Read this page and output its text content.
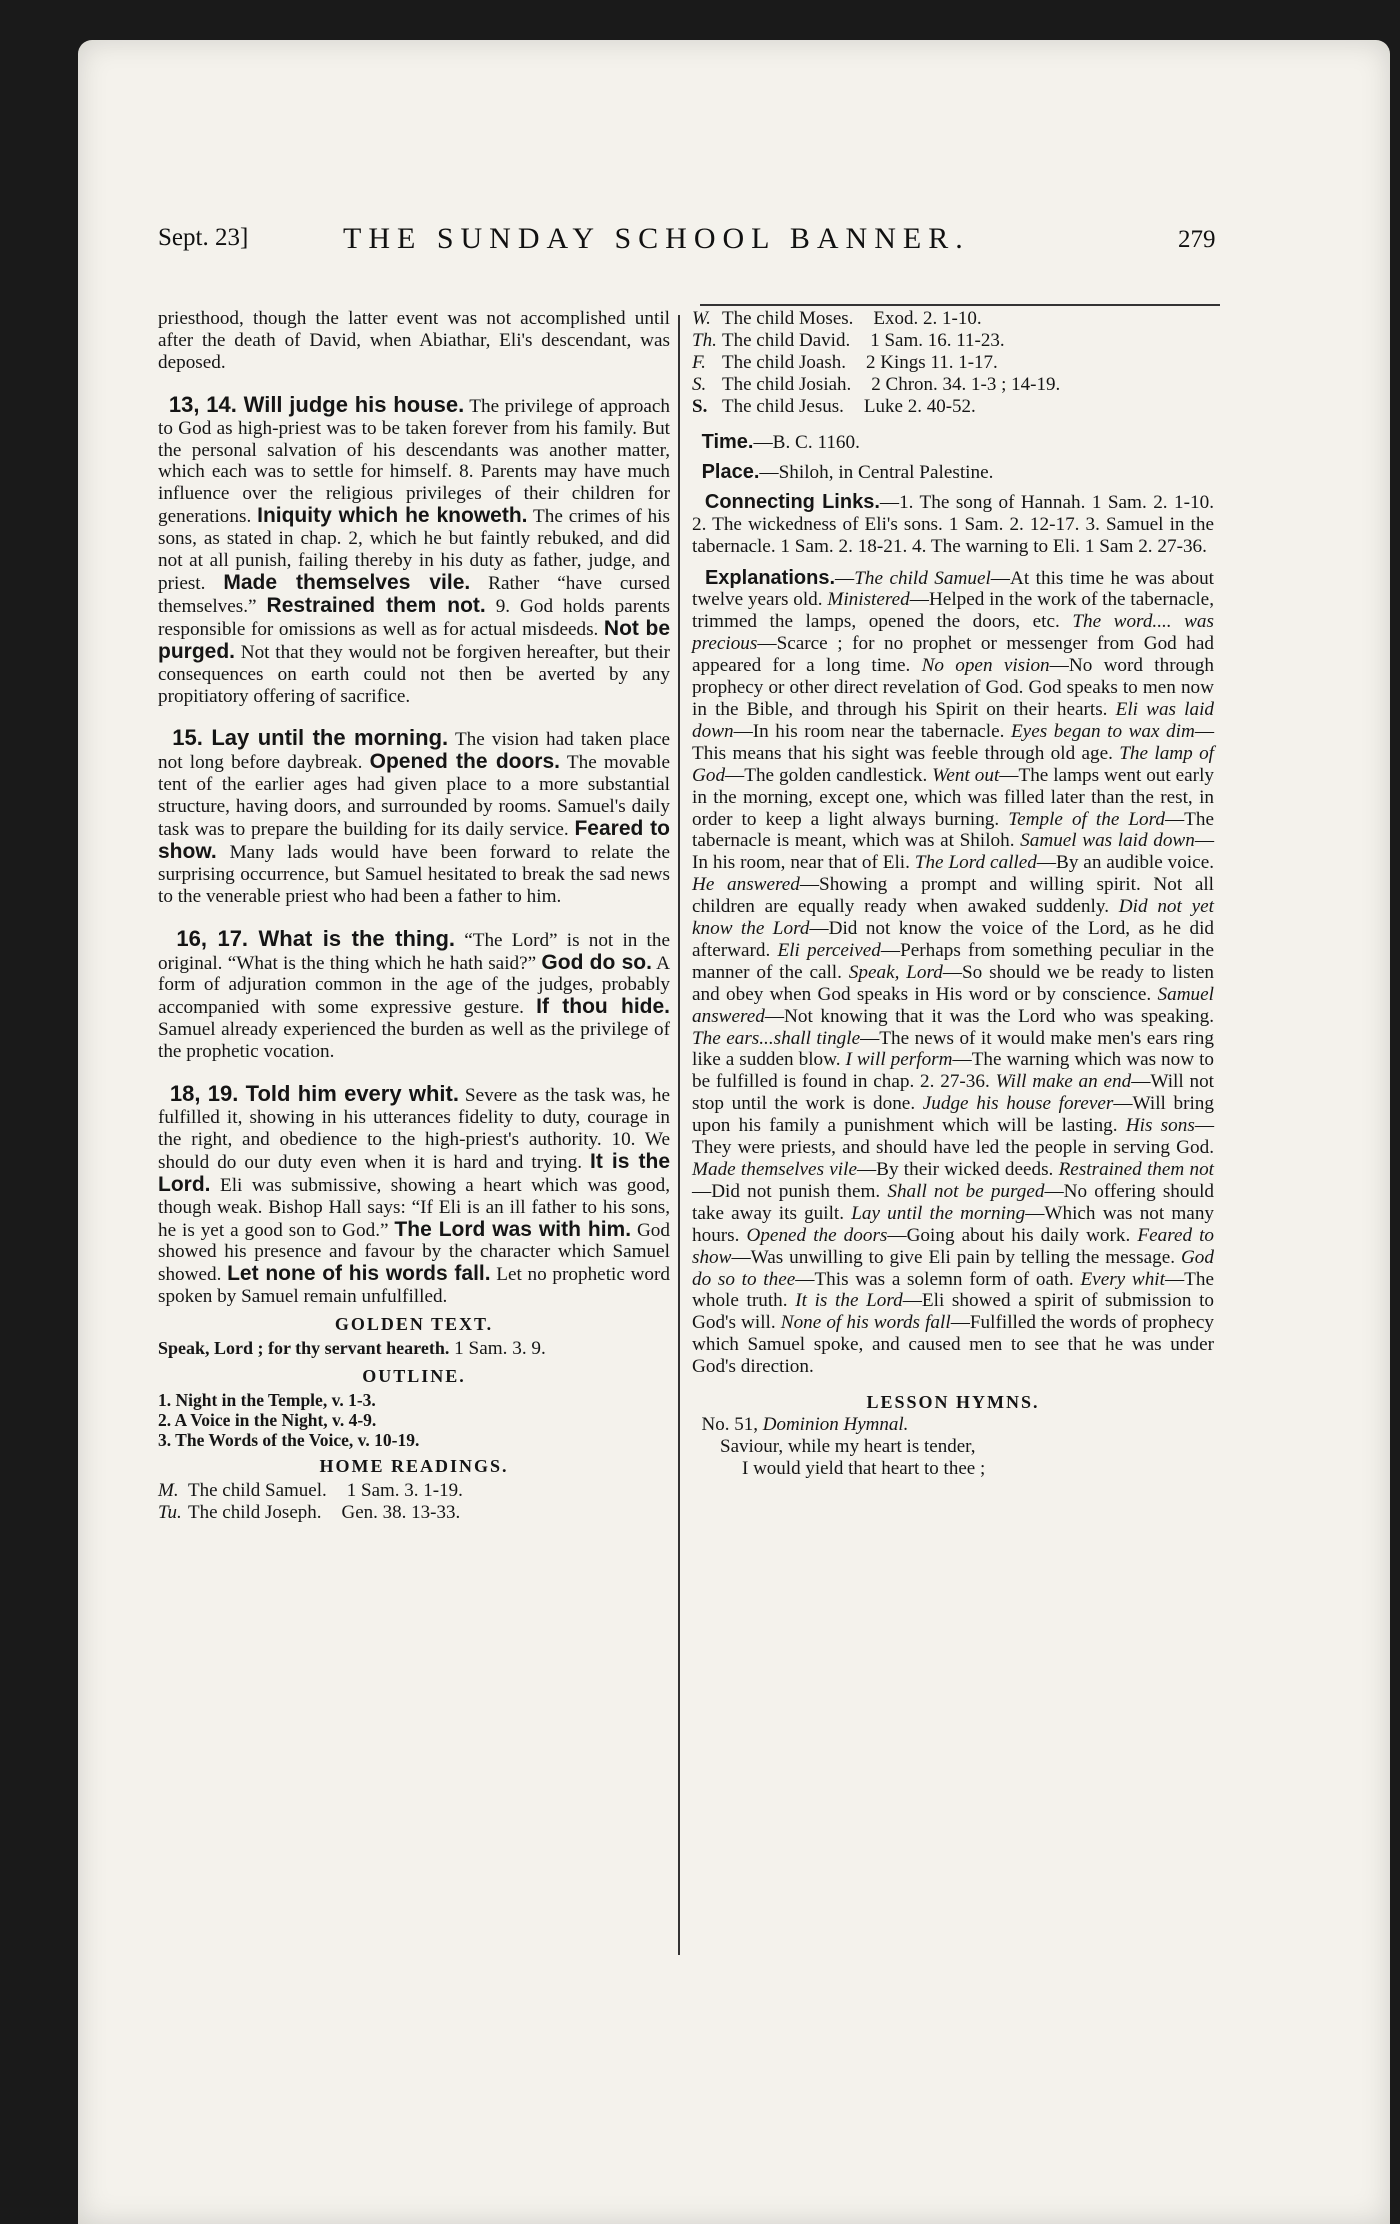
Sept. 23]	THE SUNDAY SCHOOL BANNER.	279

priesthood, though the latter event was not accomplished until after the death of David, when Abiathar, Eli's descendant, was deposed.

13, 14. Will judge his house. The privilege of approach to God as high-priest was to be taken forever from his family. But the personal salvation of his descendants was another matter, which each was to settle for himself. 8. Parents may have much influence over the religious privileges of their children for generations. Iniquity which he knoweth. The crimes of his sons, as stated in chap. 2, which he but faintly rebuked, and did not at all punish, failing thereby in his duty as father, judge, and priest. Made themselves vile. Rather “have cursed themselves.” Restrained them not. 9. God holds parents responsible for omissions as well as for actual misdeeds. Not be purged. Not that they would not be forgiven hereafter, but their consequences on earth could not then be averted by any propitiatory offering of sacrifice.

15. Lay until the morning. The vision had taken place not long before daybreak. Opened the doors. The movable tent of the earlier ages had given place to a more substantial structure, having doors, and surrounded by rooms. Samuel's daily task was to prepare the building for its daily service. Feared to show. Many lads would have been forward to relate the surprising occurrence, but Samuel hesitated to break the sad news to the venerable priest who had been a father to him.

16, 17. What is the thing. “The Lord” is not in the original. “What is the thing which he hath said?” God do so. A form of adjuration common in the age of the judges, probably accompanied with some expressive gesture. If thou hide. Samuel already experienced the burden as well as the privilege of the prophetic vocation.

18, 19. Told him every whit. Severe as the task was, he fulfilled it, showing in his utterances fidelity to duty, courage in the right, and obedience to the high-priest's authority. 10. We should do our duty even when it is hard and trying. It is the Lord. Eli was submissive, showing a heart which was good, though weak. Bishop Hall says: “If Eli is an ill father to his sons, he is yet a good son to God.” The Lord was with him. God showed his presence and favour by the character which Samuel showed. Let none of his words fall. Let no prophetic word spoken by Samuel remain unfulfilled.

GOLDEN TEXT.

Speak, Lord ; for thy servant heareth. 1 Sam. 3. 9.

OUTLINE.
1. Night in the Temple, v. 1-3.
2. A Voice in the Night, v. 4-9.
3. The Words of the Voice, v. 10-19.
HOME READINGS.
M. The child Samuel. 1 Sam. 3. 1-19.
Tu. The child Joseph. Gen. 38. 13-33.
W. The child Moses. Exod. 2. 1-10.
Th. The child David. 1 Sam. 16. 11-23.
F. The child Joash. 2 Kings 11. 1-17.
S. The child Josiah. 2 Chron. 34. 1-3 ; 14-19.
S. The child Jesus. Luke 2. 40-52.

Time.—B. C. 1160.

Place.—Shiloh, in Central Palestine.

Connecting Links.—1. The song of Hannah. 1 Sam. 2. 1-10. 2. The wickedness of Eli's sons. 1 Sam. 2. 12-17. 3. Samuel in the tabernacle. 1 Sam. 2. 18-21. 4. The warning to Eli. 1 Sam 2. 27-36.

Explanations.—The child Samuel—At this time he was about twelve years old. Ministered—Helped in the work of the tabernacle, trimmed the lamps, opened the doors, etc. The word.... was precious—Scarce ; for no prophet or messenger from God had appeared for a long time. No open vision—No word through prophecy or other direct revelation of God. God speaks to men now in the Bible, and through his Spirit on their hearts. Eli was laid down—In his room near the tabernacle. Eyes began to wax dim—This means that his sight was feeble through old age. The lamp of God—The golden candlestick. Went out—The lamps went out early in the morning, except one, which was filled later than the rest, in order to keep a light always burning. Temple of the Lord—The tabernacle is meant, which was at Shiloh. Samuel was laid down—In his room, near that of Eli. The Lord called—By an audible voice. He answered—Showing a prompt and willing spirit. Not all children are equally ready when awaked suddenly. Did not yet know the Lord—Did not know the voice of the Lord, as he did afterward. Eli perceived—Perhaps from something peculiar in the manner of the call. Speak, Lord—So should we be ready to listen and obey when God speaks in His word or by conscience. Samuel answered—Not knowing that it was the Lord who was speaking. The ears...shall tingle—The news of it would make men's ears ring like a sudden blow. I will perform—The warning which was now to be fulfilled is found in chap. 2. 27-36. Will make an end—Will not stop until the work is done. Judge his house forever—Will bring upon his family a punishment which will be lasting. His sons—They were priests, and should have led the people in serving God. Made themselves vile—By their wicked deeds. Restrained them not—Did not punish them. Shall not be purged—No offering should take away its guilt. Lay until the morning—Which was not many hours. Opened the doors—Going about his daily work. Feared to show—Was unwilling to give Eli pain by telling the message. God do so to thee—This was a solemn form of oath. Every whit—The whole truth. It is the Lord—Eli showed a spirit of submission to God's will. None of his words fall—Fulfilled the words of prophecy which Samuel spoke, and caused men to see that he was under God's direction.

LESSON HYMNS.
No. 51, Dominion Hymnal.
Saviour, while my heart is tender,
I would yield that heart to thee ;
